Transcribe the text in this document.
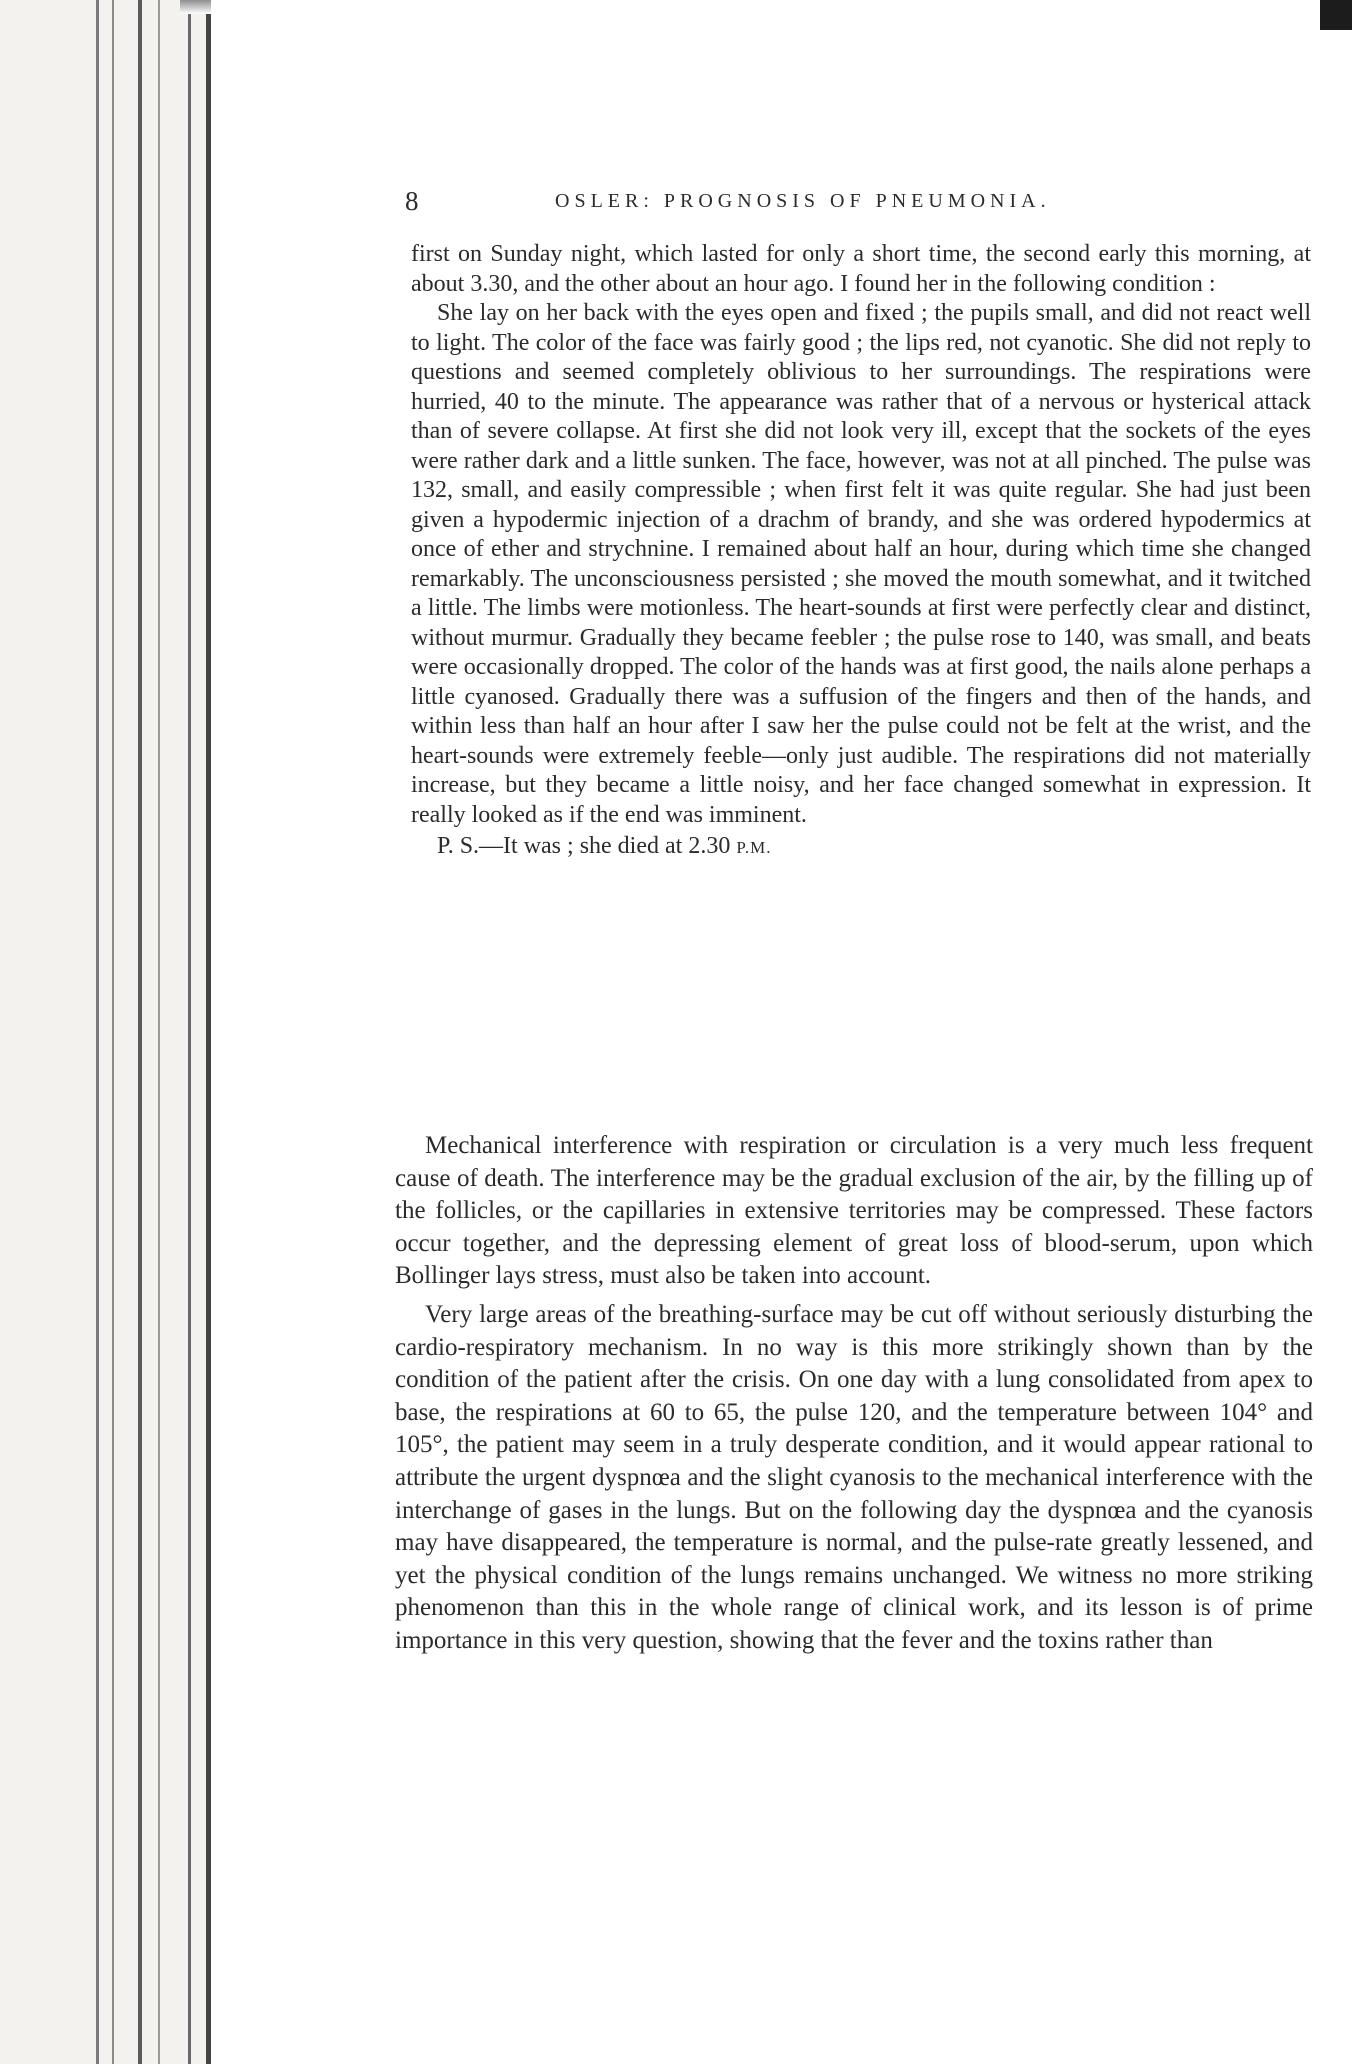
8	OSLER: PROGNOSIS OF PNEUMONIA.

first on Sunday night, which lasted for only a short time, the second early this morning, at about 3.30, and the other about an hour ago. I found her in the following condition :

She lay on her back with the eyes open and fixed ; the pupils small, and did not react well to light. The color of the face was fairly good ; the lips red, not cyanotic. She did not reply to questions and seemed completely oblivious to her surroundings. The respirations were hurried, 40 to the minute. The appearance was rather that of a nervous or hysterical attack than of severe collapse. At first she did not look very ill, except that the sockets of the eyes were rather dark and a little sunken. The face, however, was not at all pinched. The pulse was 132, small, and easily compressible ; when first felt it was quite regular. She had just been given a hypodermic injection of a drachm of brandy, and she was ordered hypodermics at once of ether and strychnine. I remained about half an hour, during which time she changed remarkably. The unconsciousness persisted ; she moved the mouth somewhat, and it twitched a little. The limbs were motionless. The heart-sounds at first were perfectly clear and distinct, without murmur. Gradually they became feebler ; the pulse rose to 140, was small, and beats were occasionally dropped. The color of the hands was at first good, the nails alone perhaps a little cyanosed. Gradually there was a suffusion of the fingers and then of the hands, and within less than half an hour after I saw her the pulse could not be felt at the wrist, and the heart-sounds were extremely feeble—only just audible. The respirations did not materially increase, but they became a little noisy, and her face changed somewhat in expression. It really looked as if the end was imminent.

P. S.—It was ; she died at 2.30 P.M.

Mechanical interference with respiration or circulation is a very much less frequent cause of death. The interference may be the gradual exclusion of the air, by the filling up of the follicles, or the capillaries in extensive territories may be compressed. These factors occur together, and the depressing element of great loss of blood-serum, upon which Bollinger lays stress, must also be taken into account.

Very large areas of the breathing-surface may be cut off without seriously disturbing the cardio-respiratory mechanism. In no way is this more strikingly shown than by the condition of the patient after the crisis. On one day with a lung consolidated from apex to base, the respirations at 60 to 65, the pulse 120, and the temperature between 104° and 105°, the patient may seem in a truly desperate condition, and it would appear rational to attribute the urgent dyspnœa and the slight cyanosis to the mechanical interference with the interchange of gases in the lungs. But on the following day the dyspnœa and the cyanosis may have disappeared, the temperature is normal, and the pulse-rate greatly lessened, and yet the physical condition of the lungs remains unchanged. We witness no more striking phenomenon than this in the whole range of clinical work, and its lesson is of prime importance in this very question, showing that the fever and the toxins rather than
